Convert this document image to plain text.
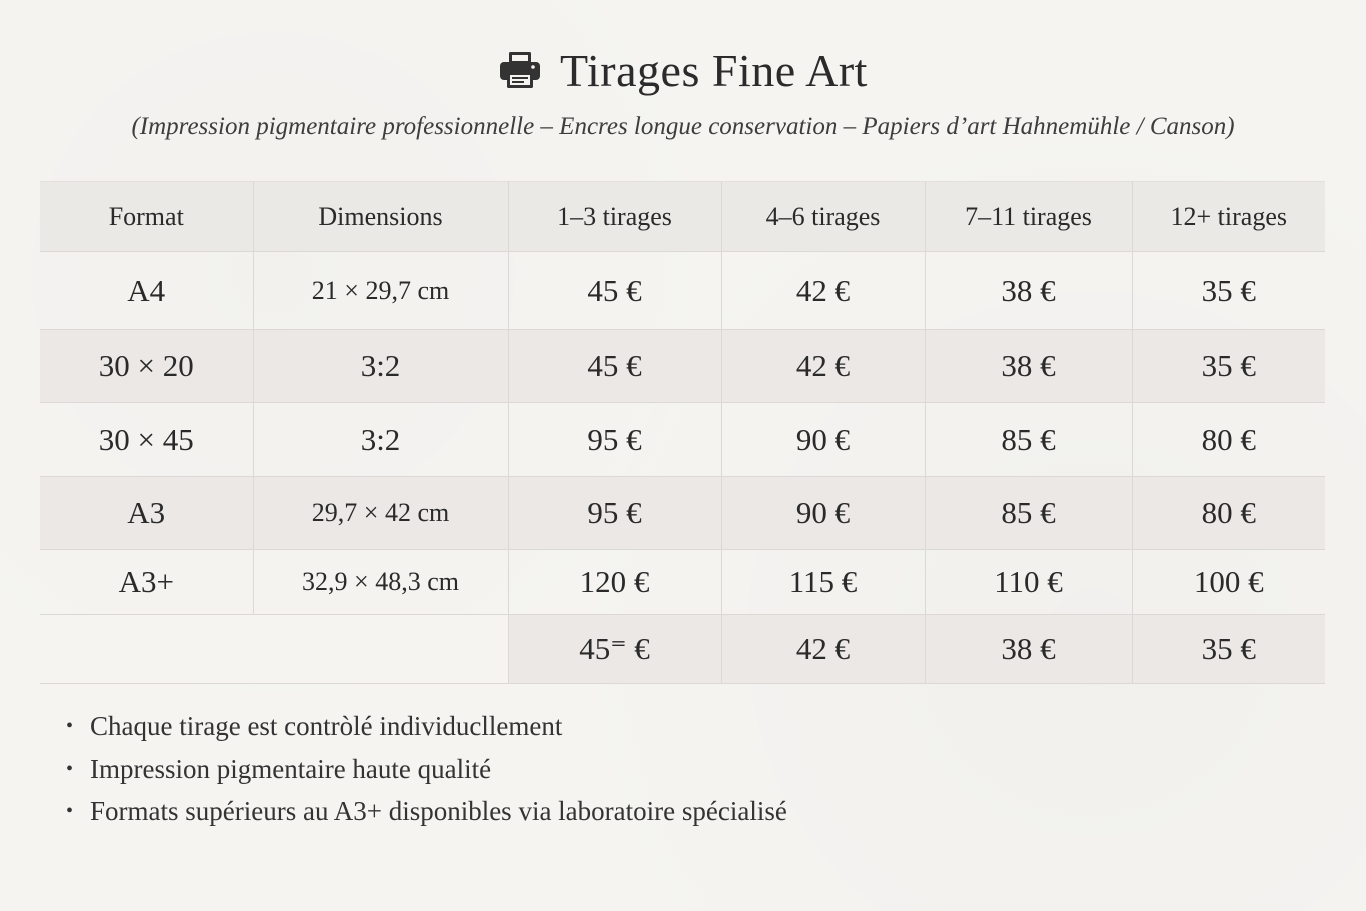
Tirages Fine Art
(Impression pigmentaire professionnelle – Encres longue conservation – Papiers d’art Hahnemühle / Canson)
Format	Dimensions	1–3 tirages	4–6 tirages	7–11 tirages	12+ tirages
A4	21 × 29,7 cm	45 €	42 €	38 €	35 €
30 × 20	3:2	45 €	42 €	38 €	35 €
30 × 45	3:2	95 €	90 €	85 €	80 €
A3	29,7 × 42 cm	95 €	90 €	85 €	80 €
A3+	32,9 × 48,3 cm	120 €	115 €	110 €	100 €
		45⁼ €	42 €	38 €	35 €
• Chaque tirage est contròlé individucllement
• Impression pigmentaire haute qualité
• Formats supérieurs au A3+ disponibles via laboratoire spécialisé
